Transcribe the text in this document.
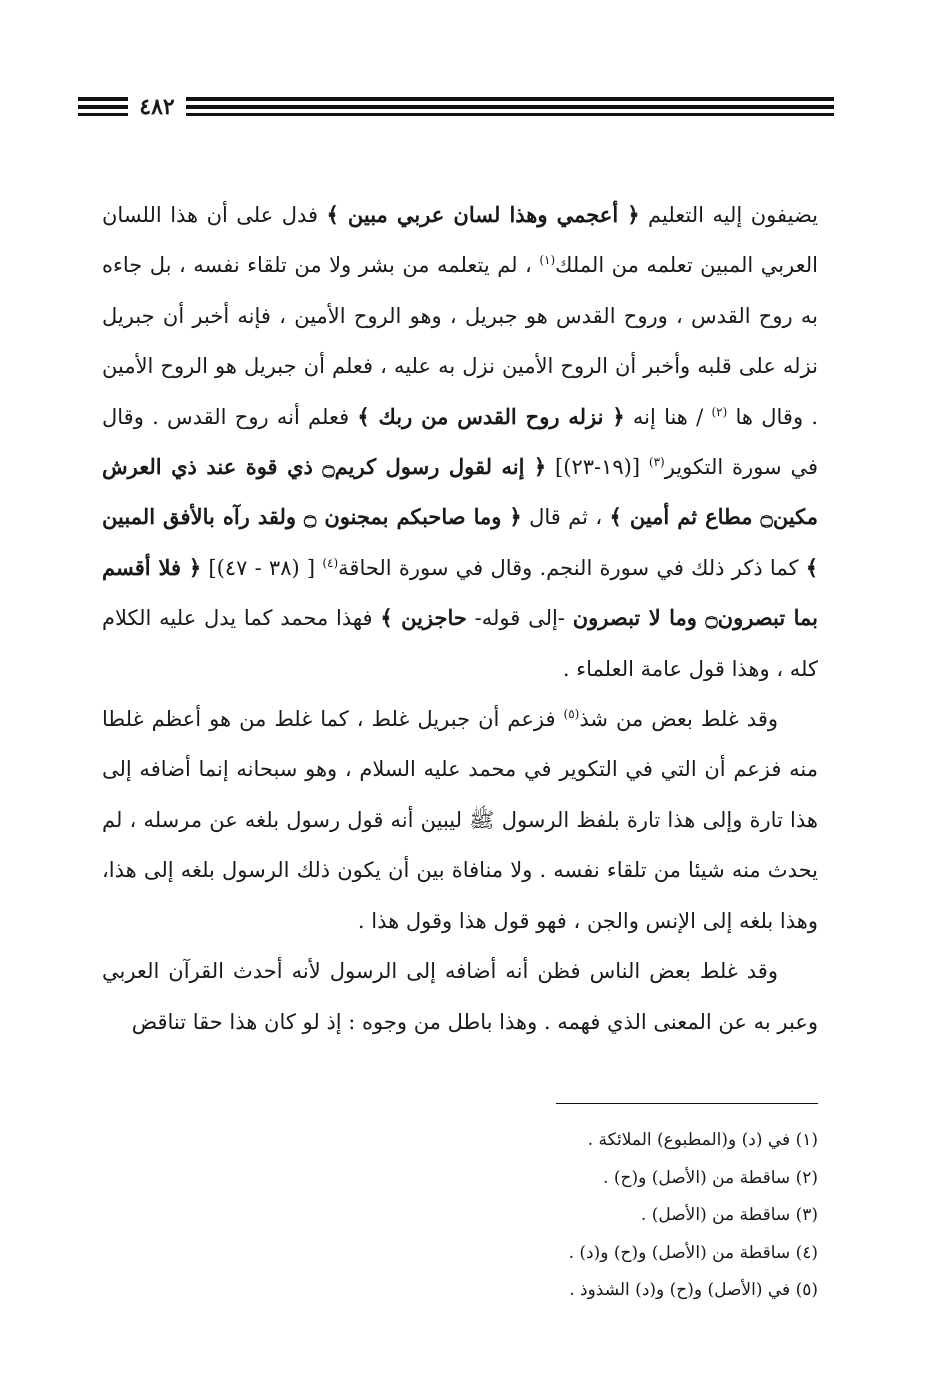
٤٨٢

يضيفون إليه التعليم ﴿ أعجمي وهذا لسان عربي مبين ﴾ فدل على أن هذا اللسان العربي المبين تعلمه من الملك$^{(١)}$ ، لم يتعلمه من بشر ولا من تلقاء نفسه ، بل جاءه به روح القدس ، وروح القدس هو جبريل ، وهو الروح الأمين ، فإنه أخبر أن جبريل نزله على قلبه وأخبر أن الروح الأمين نزل به عليه ، فعلم أن جبريل هو الروح الأمين . وقال ها $^{(٢)}$ / هنا إنه ﴿ نزله روح القدس من ربك ﴾ فعلم أنه روح القدس . وقال في سورة التكوير$^{(٣)}$ [(١٩-٢٣)] ﴿ إنه لقول رسول كريم۝ ذي قوة عند ذي العرش مكين۝ مطاع ثم أمين ﴾ ، ثم قال ﴿ وما صاحبكم بمجنون ۝ ولقد رآه بالأفق المبين ﴾ كما ذكر ذلك في سورة النجم. وقال في سورة الحاقة$^{(٤)}$ [ (٣٨ - ٤٧)] ﴿ فلا أقسم بما تبصرون۝ وما لا تبصرون -إلى قوله- حاجزين ﴾ فهذا محمد كما يدل عليه الكلام كله ، وهذا قول عامة العلماء .

وقد غلط بعض من شذ$^{(٥)}$ فزعم أن جبريل غلط ، كما غلط من هو أعظم غلطا منه فزعم أن التي في التكوير في محمد عليه السلام ، وهو سبحانه إنما أضافه إلى هذا تارة وإلى هذا تارة بلفظ الرسول ﷺ ليبين أنه قول رسول بلغه عن مرسله ، لم يحدث منه شيئا من تلقاء نفسه . ولا منافاة بين أن يكون ذلك الرسول بلغه إلى هذا، وهذا بلغه إلى الإنس والجن ، فهو قول هذا وقول هذا .

وقد غلط بعض الناس فظن أنه أضافه إلى الرسول لأنه أحدث القرآن العربي وعبر به عن المعنى الذي فهمه . وهذا باطل من وجوه : إذ لو كان هذا حقا تناقض

(١) في (د) و(المطبوع) الملائكة .
(٢) ساقطة من (الأصل) و(ح) .
(٣) ساقطة من (الأصل) .
(٤) ساقطة من (الأصل) و(ح) و(د) .
(٥) في (الأصل) و(ح) و(د) الشذوذ .
